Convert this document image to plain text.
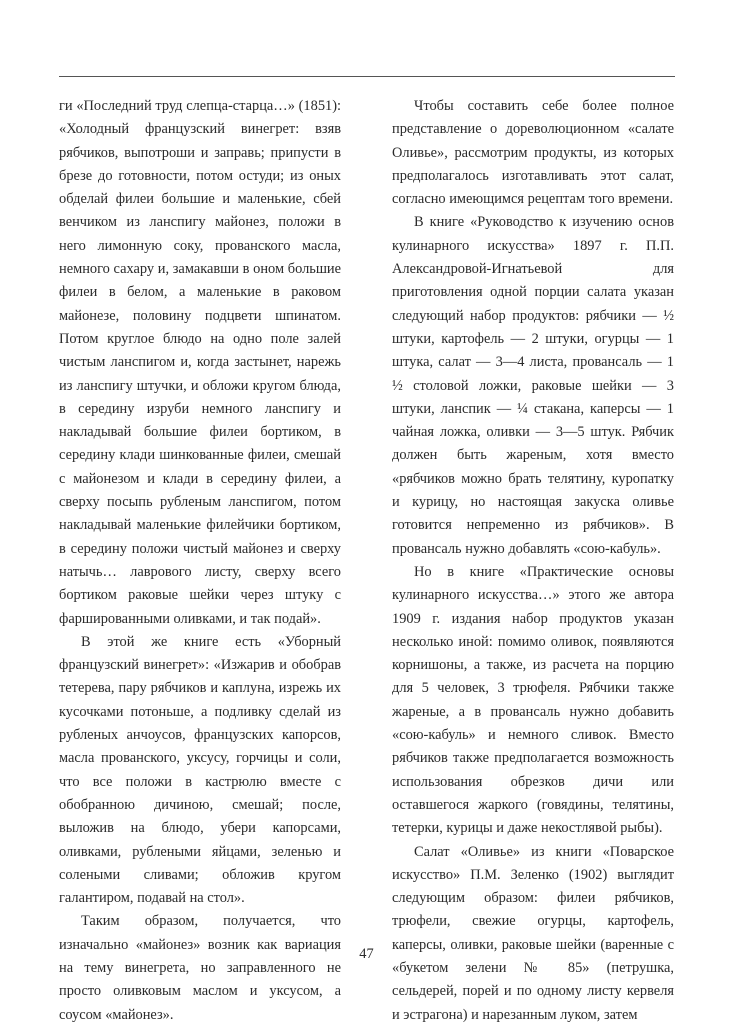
ги «Последний труд слепца-старца…» (1851): «Холодный французский винегрет: взяв рябчиков, выпотроши и заправь; припусти в брезе до готовности, потом остуди; из оных обделай филеи большие и маленькие, сбей венчиком из ланспигу майонез, положи в него лимонную соку, прованского масла, немного сахару и, замакавши в оном большие филеи в белом, а маленькие в раковом майонезе, половину подцвети шпинатом. Потом круглое блюдо на одно поле залей чистым ланспигом и, когда застынет, нарежь из ланспигу штучки, и обложи кругом блюда, в середину изруби немного ланспигу и накладывай большие филеи бортиком, в середину клади шинкованные филеи, смешай с майонезом и клади в середину филеи, а сверху посыпь рубленым ланспигом, потом накладывай маленькие филейчики бортиком, в середину положи чистый майонез и сверху натычь… лаврового листу, сверху всего бортиком раковые шейки через штуку с фаршированными оливками, и так подай».

В этой же книге есть «Уборный французский винегрет»: «Изжарив и обобрав тетерева, пару рябчиков и каплуна, изрежь их кусочками потоньше, а подливку сделай из рубленых анчоусов, французских капорсов, масла прованского, уксусу, горчицы и соли, что все положи в кастрюлю вместе с обобранною дичиною, смешай; после, выложив на блюдо, убери капорсами, оливками, рублеными яйцами, зеленью и солеными сливами; обложив кругом галантиром, подавай на стол».

Таким образом, получается, что изначально «майонез» возник как вариация на тему винегрета, но заправленного не просто оливковым маслом и уксусом, а соусом «майонез».

Чтобы составить себе более полное представление о дореволюционном «салате Оливье», рассмотрим продукты, из которых предполагалось изготавливать этот салат, согласно имеющимся рецептам того времени.

В книге «Руководство к изучению основ кулинарного искусства» 1897 г. П.П. Александровой-Игнатьевой для приготовления одной порции салата указан следующий набор продуктов: рябчики — ½ штуки, картофель — 2 штуки, огурцы — 1 штука, салат — 3—4 листа, провансаль — 1 ½ столовой ложки, раковые шейки — 3 штуки, ланспик — ¼ стакана, каперсы — 1 чайная ложка, оливки — 3—5 штук. Рябчик должен быть жареным, хотя вместо «рябчиков можно брать телятину, куропатку и курицу, но настоящая закуска оливье готовится непременно из рябчиков». В провансаль нужно добавлять «сою-кабуль».

Но в книге «Практические основы кулинарного искусства…» этого же автора 1909 г. издания набор продуктов указан несколько иной: помимо оливок, появляются корнишоны, а также, из расчета на порцию для 5 человек, 3 трюфеля. Рябчики также жареные, а в провансаль нужно добавить «сою-кабуль» и немного сливок. Вместо рябчиков также предполагается возможность использования обрезков дичи или оставшегося жаркого (говядины, телятины, тетерки, курицы и даже некостлявой рыбы).

Салат «Оливье» из книги «Поварское искусство» П.М. Зеленко (1902) выглядит следующим образом: филеи рябчиков, трюфели, свежие огурцы, картофель, каперсы, оливки, раковые шейки (варенные с «букетом зелени № 85» (петрушка, сельдерей, порей и по одному листу кервеля и эстрагона) и нарезанным луком, затем

47
